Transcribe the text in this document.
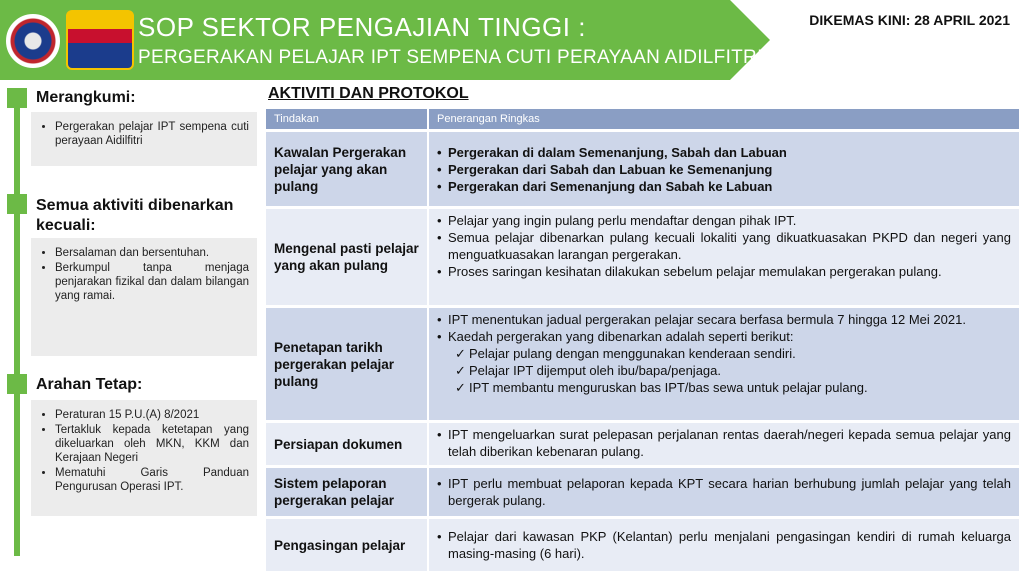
SOP SEKTOR PENGAJIAN TINGGI :
PERGERAKAN PELAJAR IPT SEMPENA CUTI PERAYAAN AIDILFITRI
DIKEMAS KINI: 28 APRIL 2021
Merangkumi:
• Pergerakan pelajar IPT sempena cuti perayaan Aidilfitri
Semua aktiviti dibenarkan kecuali:
• Bersalaman dan bersentuhan.
• Berkumpul tanpa menjaga penjarakan fizikal dan dalam bilangan yang ramai.
Arahan Tetap:
• Peraturan 15 P.U.(A) 8/2021
• Tertakluk kepada ketetapan yang dikeluarkan oleh MKN, KKM dan Kerajaan Negeri
• Mematuhi Garis Panduan Pengurusan Operasi IPT.
AKTIVITI DAN PROTOKOL
Tindakan	Penerangan Ringkas
Kawalan Pergerakan pelajar yang akan pulang
• Pergerakan di dalam Semenanjung, Sabah dan Labuan
• Pergerakan dari Sabah dan Labuan ke Semenanjung
• Pergerakan dari Semenanjung dan Sabah ke Labuan
Mengenal pasti pelajar yang akan pulang
• Pelajar yang ingin pulang perlu mendaftar dengan pihak IPT.
• Semua pelajar dibenarkan pulang kecuali lokaliti yang dikuatkuasakan PKPD dan negeri yang menguatkuasakan larangan pergerakan.
• Proses saringan kesihatan dilakukan sebelum pelajar memulakan pergerakan pulang.
Penetapan tarikh pergerakan pelajar pulang
• IPT menentukan jadual pergerakan pelajar secara berfasa bermula 7 hingga 12 Mei 2021.
• Kaedah pergerakan yang dibenarkan adalah seperti berikut:
✓ Pelajar pulang dengan menggunakan kenderaan sendiri.
✓ Pelajar IPT dijemput oleh ibu/bapa/penjaga.
✓ IPT membantu menguruskan bas IPT/bas sewa untuk pelajar pulang.
Persiapan dokumen
• IPT mengeluarkan surat pelepasan perjalanan rentas daerah/negeri kepada semua pelajar yang telah diberikan kebenaran pulang.
Sistem pelaporan pergerakan pelajar
• IPT perlu membuat pelaporan kepada KPT secara harian berhubung jumlah pelajar yang telah bergerak pulang.
Pengasingan pelajar
• Pelajar dari kawasan PKP (Kelantan) perlu menjalani pengasingan kendiri di rumah keluarga masing-masing (6 hari).
